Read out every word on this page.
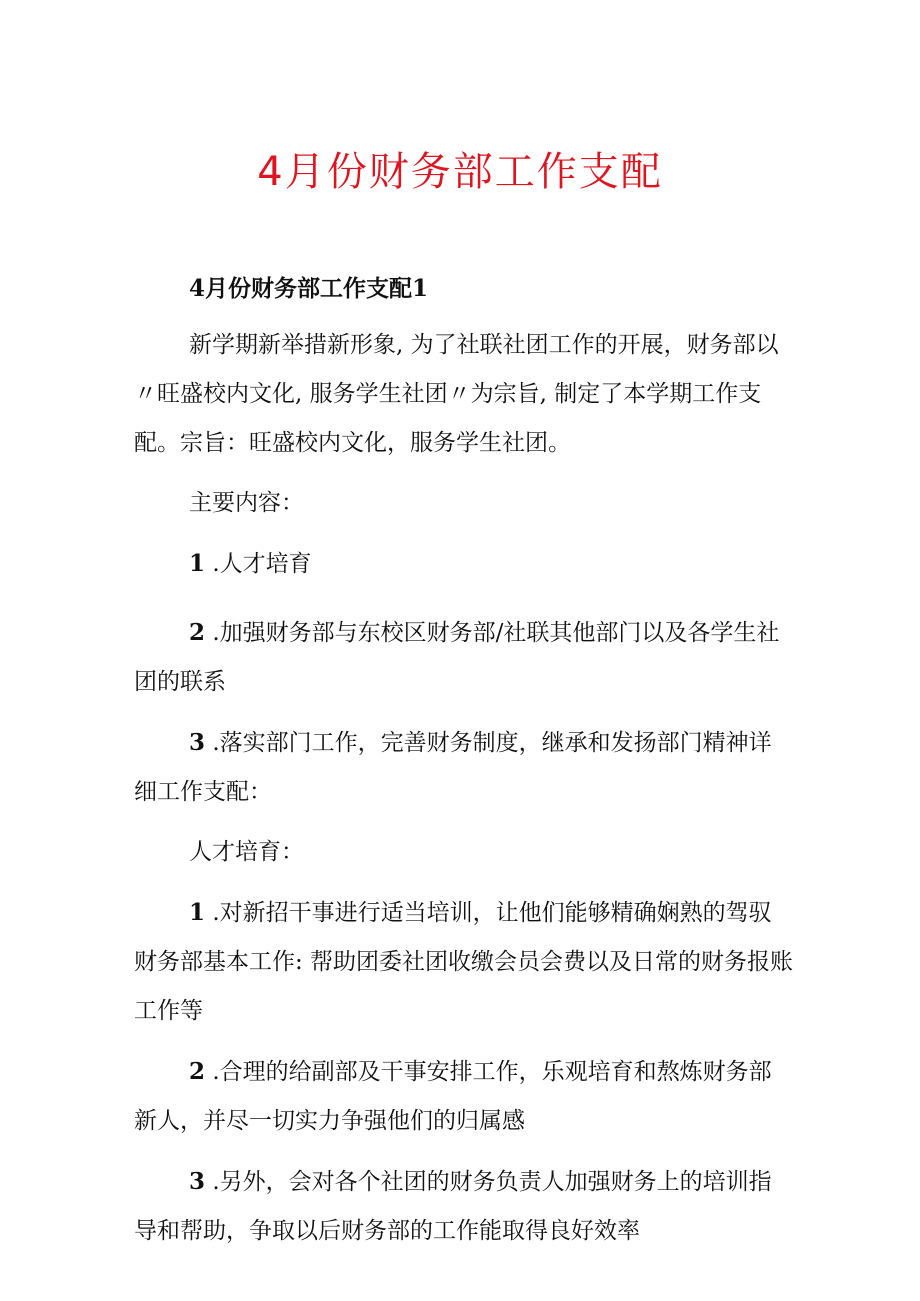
4月份财务部工作支配

4月份财务部工作支配1

新学期新举措新形象, 为了社联社团工作的开展，财务部以〃旺盛校内文化, 服务学生社团〃为宗旨, 制定了本学期工作支配。宗旨：旺盛校内文化，服务学生社团。

主要内容：

1 .人才培育

2 .加强财务部与东校区财务部/社联其他部门以及各学生社团的联系

3 .落实部门工作，完善财务制度，继承和发扬部门精神详细工作支配：

人才培育：

1 .对新招干事进行适当培训，让他们能够精确娴熟的驾驭财务部基本工作: 帮助团委社团收缴会员会费以及日常的财务报账工作等

2 .合理的给副部及干事安排工作，乐观培育和熬炼财务部新人，并尽一切实力争强他们的归属感

3 .另外，会对各个社团的财务负责人加强财务上的培训指导和帮助，争取以后财务部的工作能取得良好效率
